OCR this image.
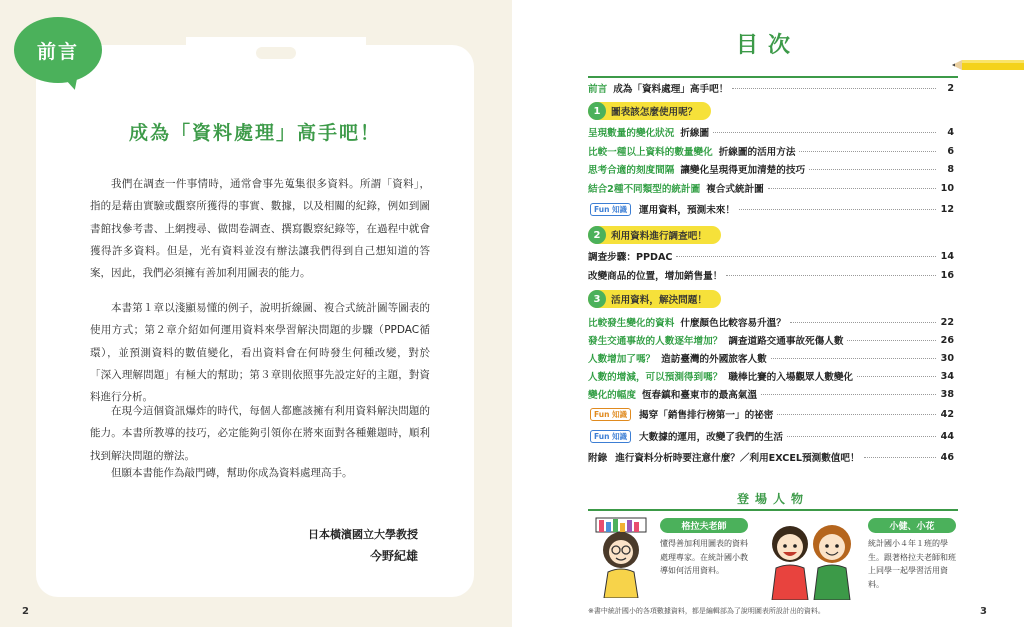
前言
成為「資料處理」高手吧！

我們在調查一件事情時，通常會事先蒐集很多資料。所謂「資料」，指的是藉由實驗或觀察所獲得的事實、數據，以及相關的紀錄，例如到圖書館找參考書、上網搜尋、做問卷調查、撰寫觀察紀錄等，在過程中就會獲得許多資料。但是，光有資料並沒有辦法讓我們得到自己想知道的答案，因此，我們必須擁有善加利用圖表的能力。

本書第１章以淺顯易懂的例子，說明折線圖、複合式統計圖等圖表的使用方式；第２章介紹如何運用資料來學習解決問題的步驟（PPDAC循環），並預測資料的數值變化，看出資料會在何時發生何種改變，對於「深入理解問題」有極大的幫助；第３章則依照事先設定好的主題，對資料進行分析。

在現今這個資訊爆炸的時代，每個人都應該擁有利用資料解決問題的能力。本書所教導的技巧，必定能夠引領你在將來面對各種難題時，順利找到解決問題的辦法。

但願本書能作為敲門磚，幫助你成為資料處理高手。

日本橫濱國立大學教授
今野紀雄
2
目次
前言 成為「資料處理」高手吧！	2
1	圖表該怎麼使用呢？
呈現數量的變化狀況 折線圖	4
比較一種以上資料的數量變化 折線圖的活用方法	6
思考合適的刻度間隔 讓變化呈現得更加清楚的技巧	8
結合2種不同類型的統計圖 複合式統計圖	10
Fun 知識	運用資料，預測未來！	12
2	利用資料進行調查吧！
調查步驟：PPDAC	14
改變商品的位置，增加銷售量！	16
3	活用資料，解決問題！
比較發生變化的資料 什麼顏色比較容易升溫？	22
發生交通事故的人數逐年增加？ 調查道路交通事故死傷人數	26
人數增加了嗎？ 造訪臺灣的外國旅客人數	30
人數的增減，可以預測得到嗎？ 職棒比賽的入場觀眾人數變化	34
變化的幅度 恆春鎮和臺東市的最高氣溫	38
Fun 知識	揭穿「銷售排行榜第一」的祕密	42
Fun 知識	大數據的運用，改變了我們的生活	44
附錄 進行資料分析時要注意什麼？／利用EXCEL預測數值吧！	46
登場人物
格拉夫老師
懂得善加利用圖表的資料處理專家。在統計國小教導如何活用資料。
小健、小花
統計國小４年１班的學生。跟著格拉夫老師和班上同學一起學習活用資料。
※書中統計國小的各項數據資料，都是編輯部為了說明圖表所設計出的資料。	3
